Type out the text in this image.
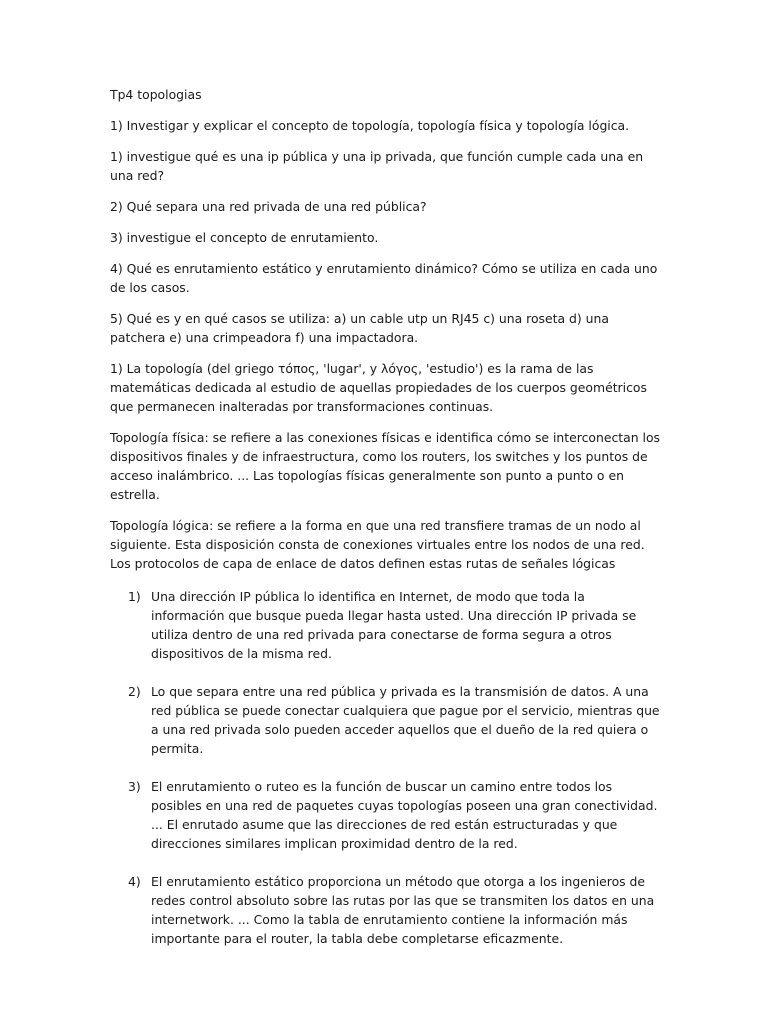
Tp4 topologias

1) Investigar y explicar el concepto de topología, topología física y topología lógica.

1) investigue qué es una ip pública y una ip privada, que función cumple cada una en una red?

2) Qué separa una red privada de una red pública?

3) investigue el concepto de enrutamiento.

4) Qué es enrutamiento estático y enrutamiento dinámico? Cómo se utiliza en cada uno de los casos.

5) Qué es y en qué casos se utiliza: a) un cable utp un RJ45 c) una roseta d) una patchera e) una crimpeadora f) una impactadora.

1) La topología (del griego τόπος, 'lugar', y λόγος, 'estudio') es la rama de las matemáticas dedicada al estudio de aquellas propiedades de los cuerpos geométricos que permanecen inalteradas por transformaciones continuas.

Topología física: se refiere a las conexiones físicas e identifica cómo se interconectan los dispositivos finales y de infraestructura, como los routers, los switches y los puntos de acceso inalámbrico. ... Las topologías físicas generalmente son punto a punto o en estrella.

Topología lógica: se refiere a la forma en que una red transfiere tramas de un nodo al siguiente. Esta disposición consta de conexiones virtuales entre los nodos de una red. Los protocolos de capa de enlace de datos definen estas rutas de señales lógicas

1) Una dirección IP pública lo identifica en Internet, de modo que toda la información que busque pueda llegar hasta usted. Una dirección IP privada se utiliza dentro de una red privada para conectarse de forma segura a otros dispositivos de la misma red.
2) Lo que separa entre una red pública y privada es la transmisión de datos. A una red pública se puede conectar cualquiera que pague por el servicio, mientras que a una red privada solo pueden acceder aquellos que el dueño de la red quiera o permita.
3) El enrutamiento o ruteo es la función de buscar un camino entre todos los posibles en una red de paquetes cuyas topologías poseen una gran conectividad. ... El enrutado asume que las direcciones de red están estructuradas y que direcciones similares implican proximidad dentro de la red.
4) El enrutamiento estático proporciona un método que otorga a los ingenieros de redes control absoluto sobre las rutas por las que se transmiten los datos en una internetwork. ... Como la tabla de enrutamiento contiene la información más importante para el router, la tabla debe completarse eficazmente.
